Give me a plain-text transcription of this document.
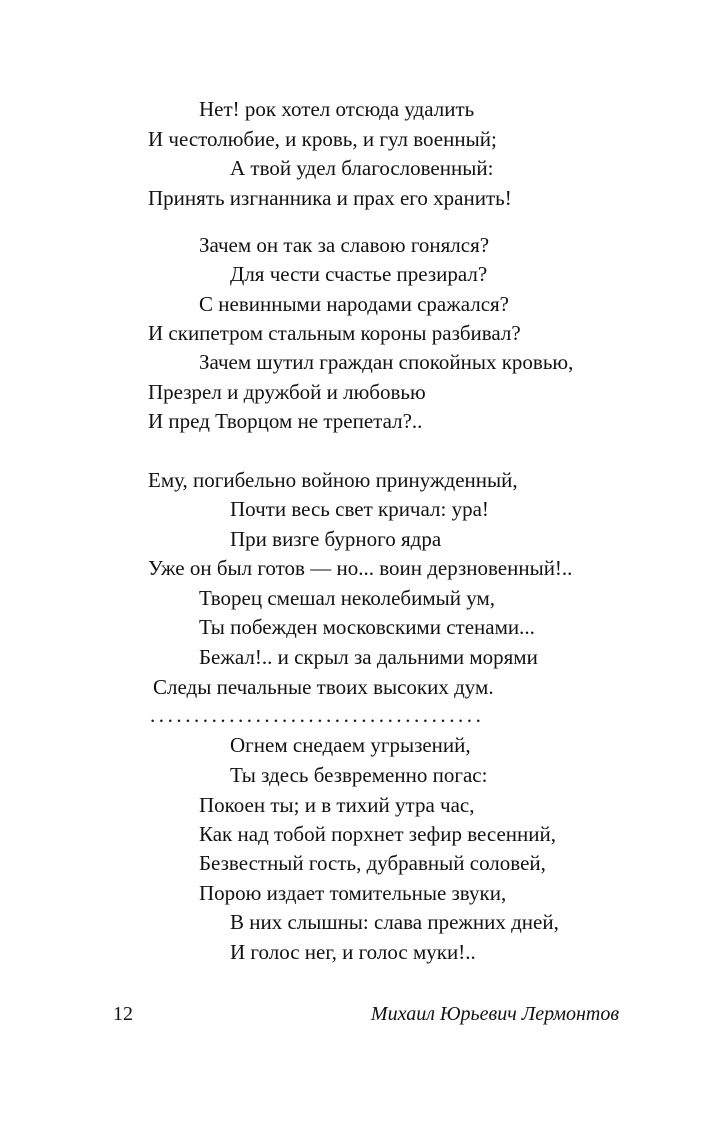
Нет! рок хотел отсюда удалить
И честолюбие, и кровь, и гул военный;
А твой удел благословенный:
Принять изгнанника и прах его хранить!
Зачем он так за славою гонялся?
Для чести счастье презирал?
С невинными народами сражался?
И скипетром стальным короны разбивал?
Зачем шутил граждан спокойных кровью,
Презрел и дружбой и любовью
И пред Творцом не трепетал?..
Ему, погибельно войною принужденный,
Почти весь свет кричал: ура!
При визге бурного ядра
Уже он был готов — но... воин дерзновенный!..
Творец смешал неколебимый ум,
Ты побежден московскими стенами...
Бежал!.. и скрыл за дальними морями
Следы печальные твоих высоких дум.
......................................
Огнем снедаем угрызений,
Ты здесь безвременно погас:
Покоен ты; и в тихий утра час,
Как над тобой порхнет зефир весенний,
Безвестный гость, дубравный соловей,
Порою издает томительные звуки,
В них слышны: слава прежних дней,
И голос нег, и голос муки!..
12	Михаил Юрьевич Лермонтов
